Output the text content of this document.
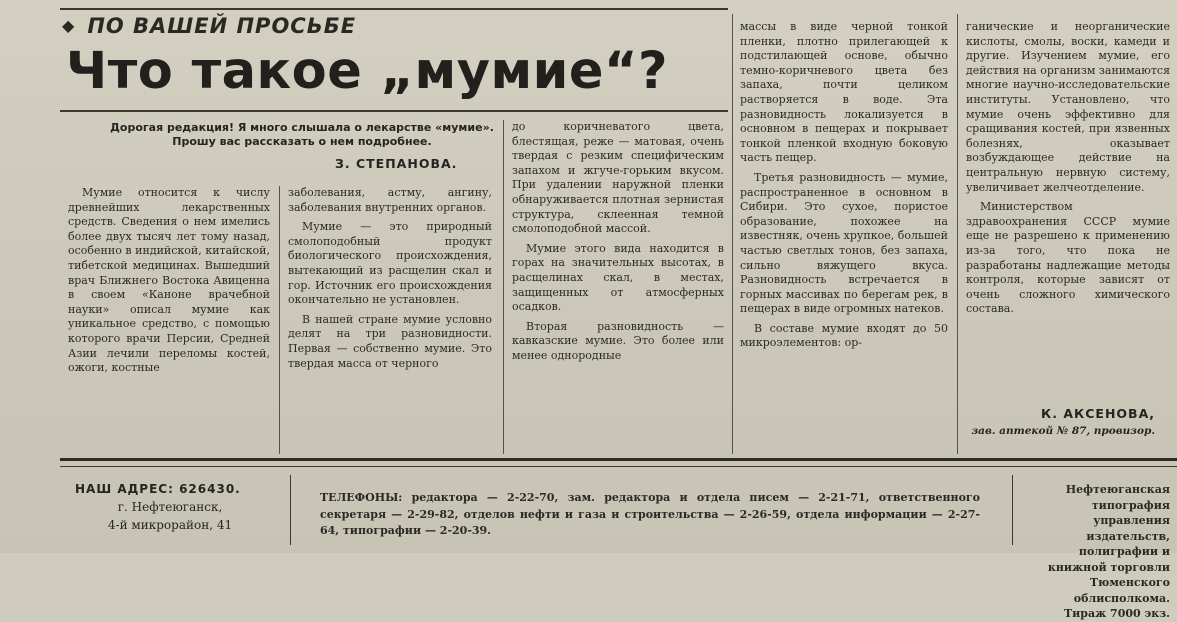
◆ ПО ВАШЕЙ ПРОСЬБЕ
Что такое „мумие“?
Дорогая редакция! Я много слышала о лекарстве «мумие». Прошу вас рассказать о нем подробнее.
З. СТЕПАНОВА.

Мумие относится к числу древнейших лекарственных средств. Сведения о нем имелись более двух тысяч лет тому назад, особенно в индийской, китайской, тибетской медицинах. Вышедший врач Ближнего Востока Авиценна в своем «Каноне врачебной науки» описал мумие как уникальное средство, с помощью которого врачи Персии, Средней Азии лечили переломы костей, ожоги, костные

заболевания, астму, ангину, заболевания внутренних органов.

Мумие — это природный смолоподобный продукт биологического происхождения, вытекающий из расщелин скал и гор. Источник его происхождения окончательно не установлен.

В нашей стране мумие условно делят на три разновидности. Первая — собственно мумие. Это твердая масса от черного

до коричневатого цвета, блестящая, реже — матовая, очень твердая с резким специфическим запахом и жгуче-горьким вкусом. При удалении наружной пленки обнаруживается плотная зернистая структура, склеенная темной смолоподобной массой.

Мумие этого вида находится в горах на значительных высотах, в расщелинах скал, в местах, защищенных от атмосферных осадков.

Вторая разновидность — кавказские мумие. Это более или менее однородные

массы в виде черной тонкой пленки, плотно прилегающей к подстилающей основе, обычно темно-коричневого цвета без запаха, почти целиком растворяется в воде. Эта разновидность локализуется в основном в пещерах и покрывает тонкой пленкой входную боковую часть пещер.

Третья разновидность — мумие, распространенное в основном в Сибири. Это сухое, пористое образование, похожее на известняк, очень хрупкое, большей частью светлых тонов, без запаха, сильно вяжущего вкуса. Разновидность встречается в горных массивах по берегам рек, в пещерах в виде огромных натеков.

В составе мумие входят до 50 микроэлементов: ор-

ганические и неорганические кислоты, смолы, воски, камеди и другие. Изучением мумие, его действия на организм занимаются многие научно-исследовательские институты. Установлено, что мумие очень эффективно для сращивания костей, при язвенных болезнях, оказывает возбуждающее действие на центральную нервную систему, увеличивает желчеотделение.

Министерством здравоохранения СССР мумие еще не разрешено к применению из-за того, что пока не разработаны надлежащие методы контроля, которые зависят от очень сложного химического состава.

К. АКСЕНОВА,
зав. аптекой № 87, провизор.
НАШ АДРЕС: 626430.
г. Нефтеюганск,
4-й микрорайон, 41
ТЕЛЕФОНЫ: редактора — 2-22-70, зам. редактора и отдела писем — 2-21-71, ответственного секретаря — 2-29-82, отделов нефти и газа и строительства — 2-26-59, отдела информации — 2-27-64, типографии — 2-20-39.
Нефтеюганская типография управления издательств, полиграфии и книжной торговли Тюменского облисполкома.
Тираж 7000 экз.
